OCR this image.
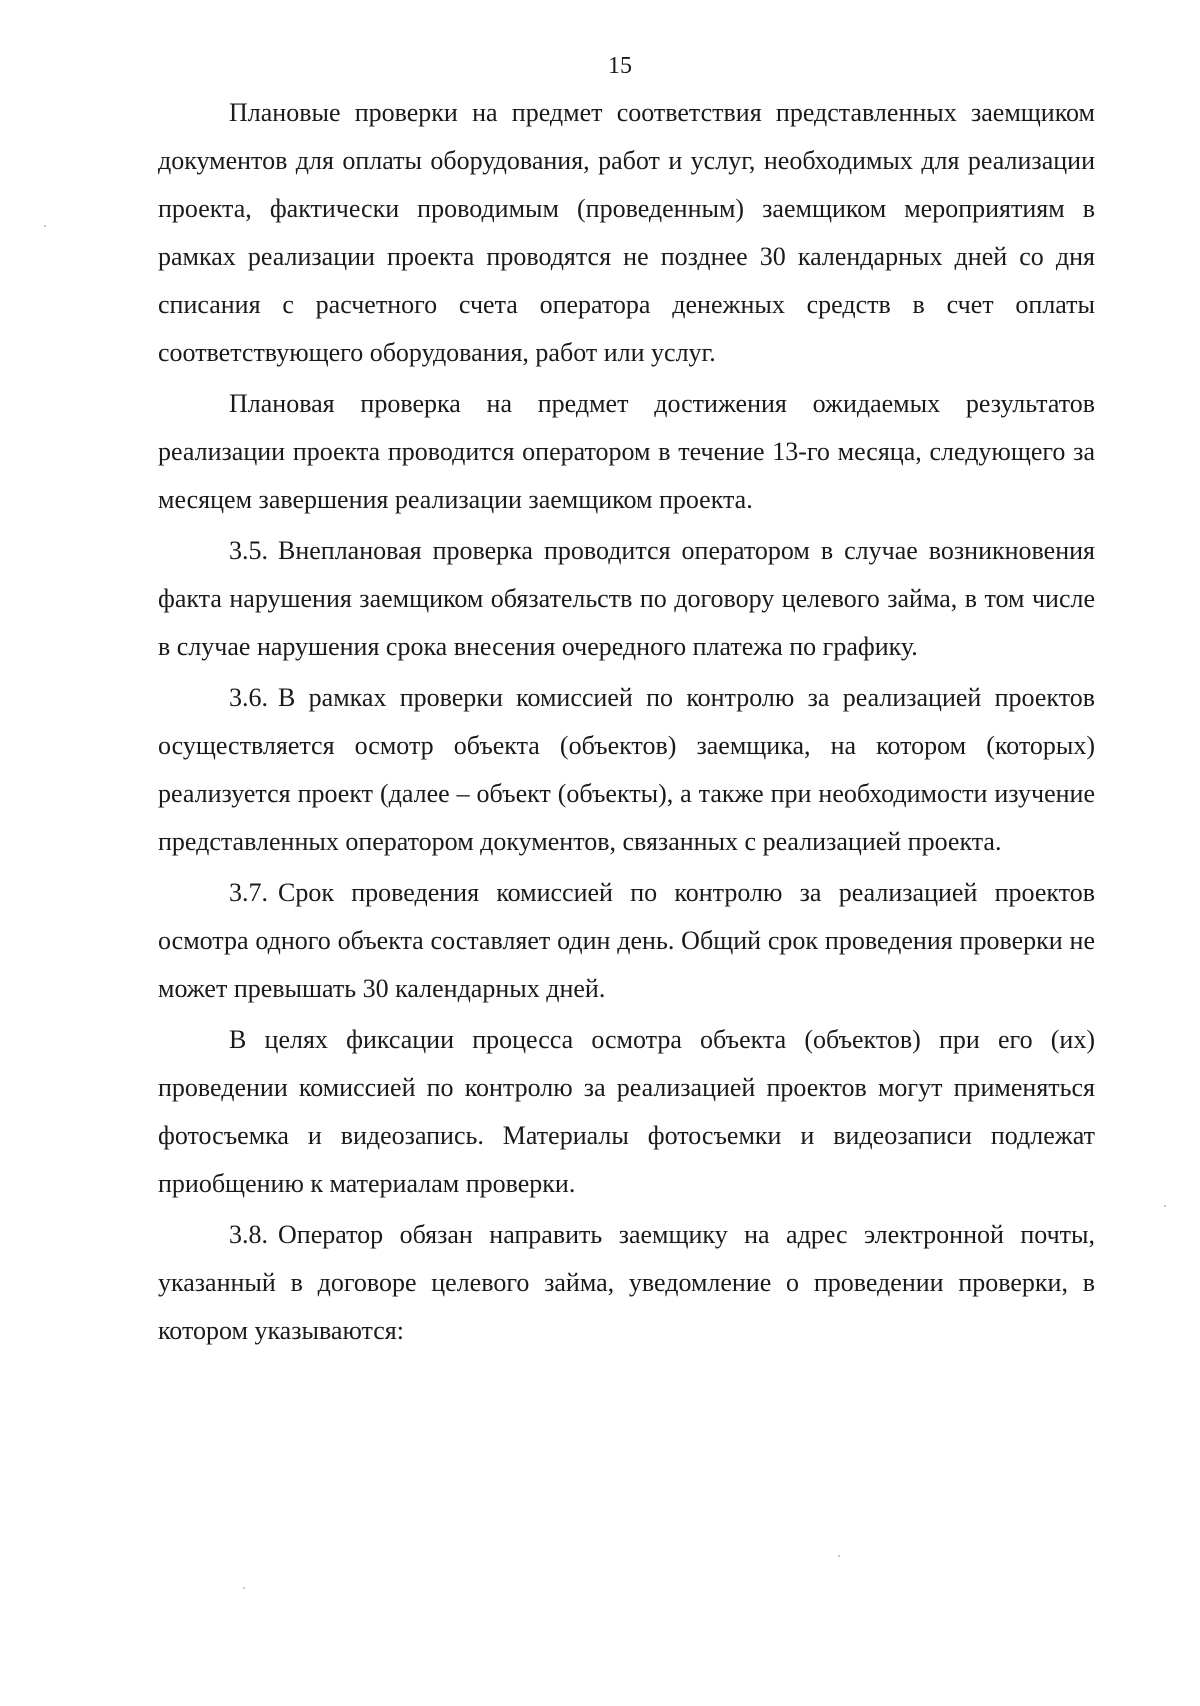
15

Плановые проверки на предмет соответствия представленных заемщиком документов для оплаты оборудования, работ и услуг, необходимых для реализации проекта, фактически проводимым (проведенным) заемщиком мероприятиям в рамках реализации проекта проводятся не позднее 30 календарных дней со дня списания с расчетного счета оператора денежных средств в счет оплаты соответствующего оборудования, работ или услуг.

Плановая проверка на предмет достижения ожидаемых результатов реализации проекта проводится оператором в течение 13-го месяца, следующего за месяцем завершения реализации заемщиком проекта.

3.5. Внеплановая проверка проводится оператором в случае возникновения факта нарушения заемщиком обязательств по договору целевого займа, в том числе в случае нарушения срока внесения очередного платежа по графику.

3.6. В рамках проверки комиссией по контролю за реализацией проектов осуществляется осмотр объекта (объектов) заемщика, на котором (которых) реализуется проект (далее – объект (объекты), а также при необходимости изучение представленных оператором документов, связанных с реализацией проекта.

3.7. Срок проведения комиссией по контролю за реализацией проектов осмотра одного объекта составляет один день. Общий срок проведения проверки не может превышать 30 календарных дней.

В целях фиксации процесса осмотра объекта (объектов) при его (их) проведении комиссией по контролю за реализацией проектов могут применяться фотосъемка и видеозапись. Материалы фотосъемки и видеозаписи подлежат приобщению к материалам проверки.

3.8. Оператор обязан направить заемщику на адрес электронной почты, указанный в договоре целевого займа, уведомление о проведении проверки, в котором указываются:
